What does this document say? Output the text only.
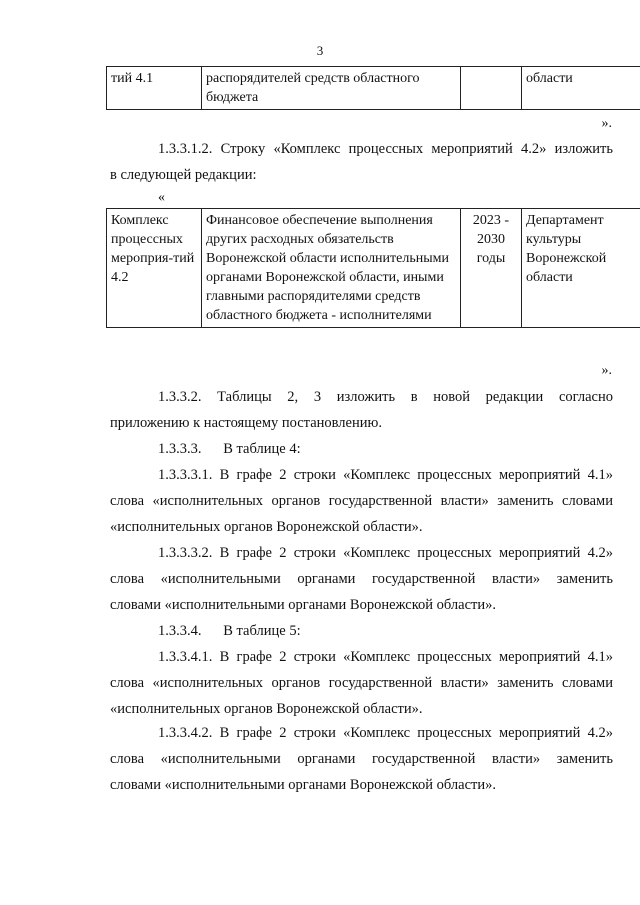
3
тий 4.1	распорядителей средств областного бюджета		области
».
1.3.3.1.2. Строку «Комплекс процессных мероприятий 4.2» изложить
в следующей редакции:
«
Комплекс процессных мероприя-тий 4.2	Финансовое обеспечение выполнения других расходных обязательств Воронежской области исполнительными органами Воронежской области, иными главными распорядителями средств областного бюджета - исполнителями	2023 - 2030 годы	Департамент культуры Воронежской области
».
1.3.3.2. Таблицы 2, 3 изложить в новой редакции согласно
приложению к настоящему постановлению.
1.3.3.3.      В таблице 4:
1.3.3.3.1. В графе 2 строки «Комплекс процессных мероприятий 4.1»
слова «исполнительных органов государственной власти» заменить словами
«исполнительных органов Воронежской области».
1.3.3.3.2. В графе 2 строки «Комплекс процессных мероприятий 4.2»
слова «исполнительными органами государственной власти» заменить
словами «исполнительными органами Воронежской области».
1.3.3.4.      В таблице 5:
1.3.3.4.1. В графе 2 строки «Комплекс процессных мероприятий 4.1»
слова «исполнительных органов государственной власти» заменить словами
«исполнительных органов Воронежской области».
1.3.3.4.2. В графе 2 строки «Комплекс процессных мероприятий 4.2»
слова «исполнительными органами государственной власти» заменить
словами «исполнительными органами Воронежской области».
